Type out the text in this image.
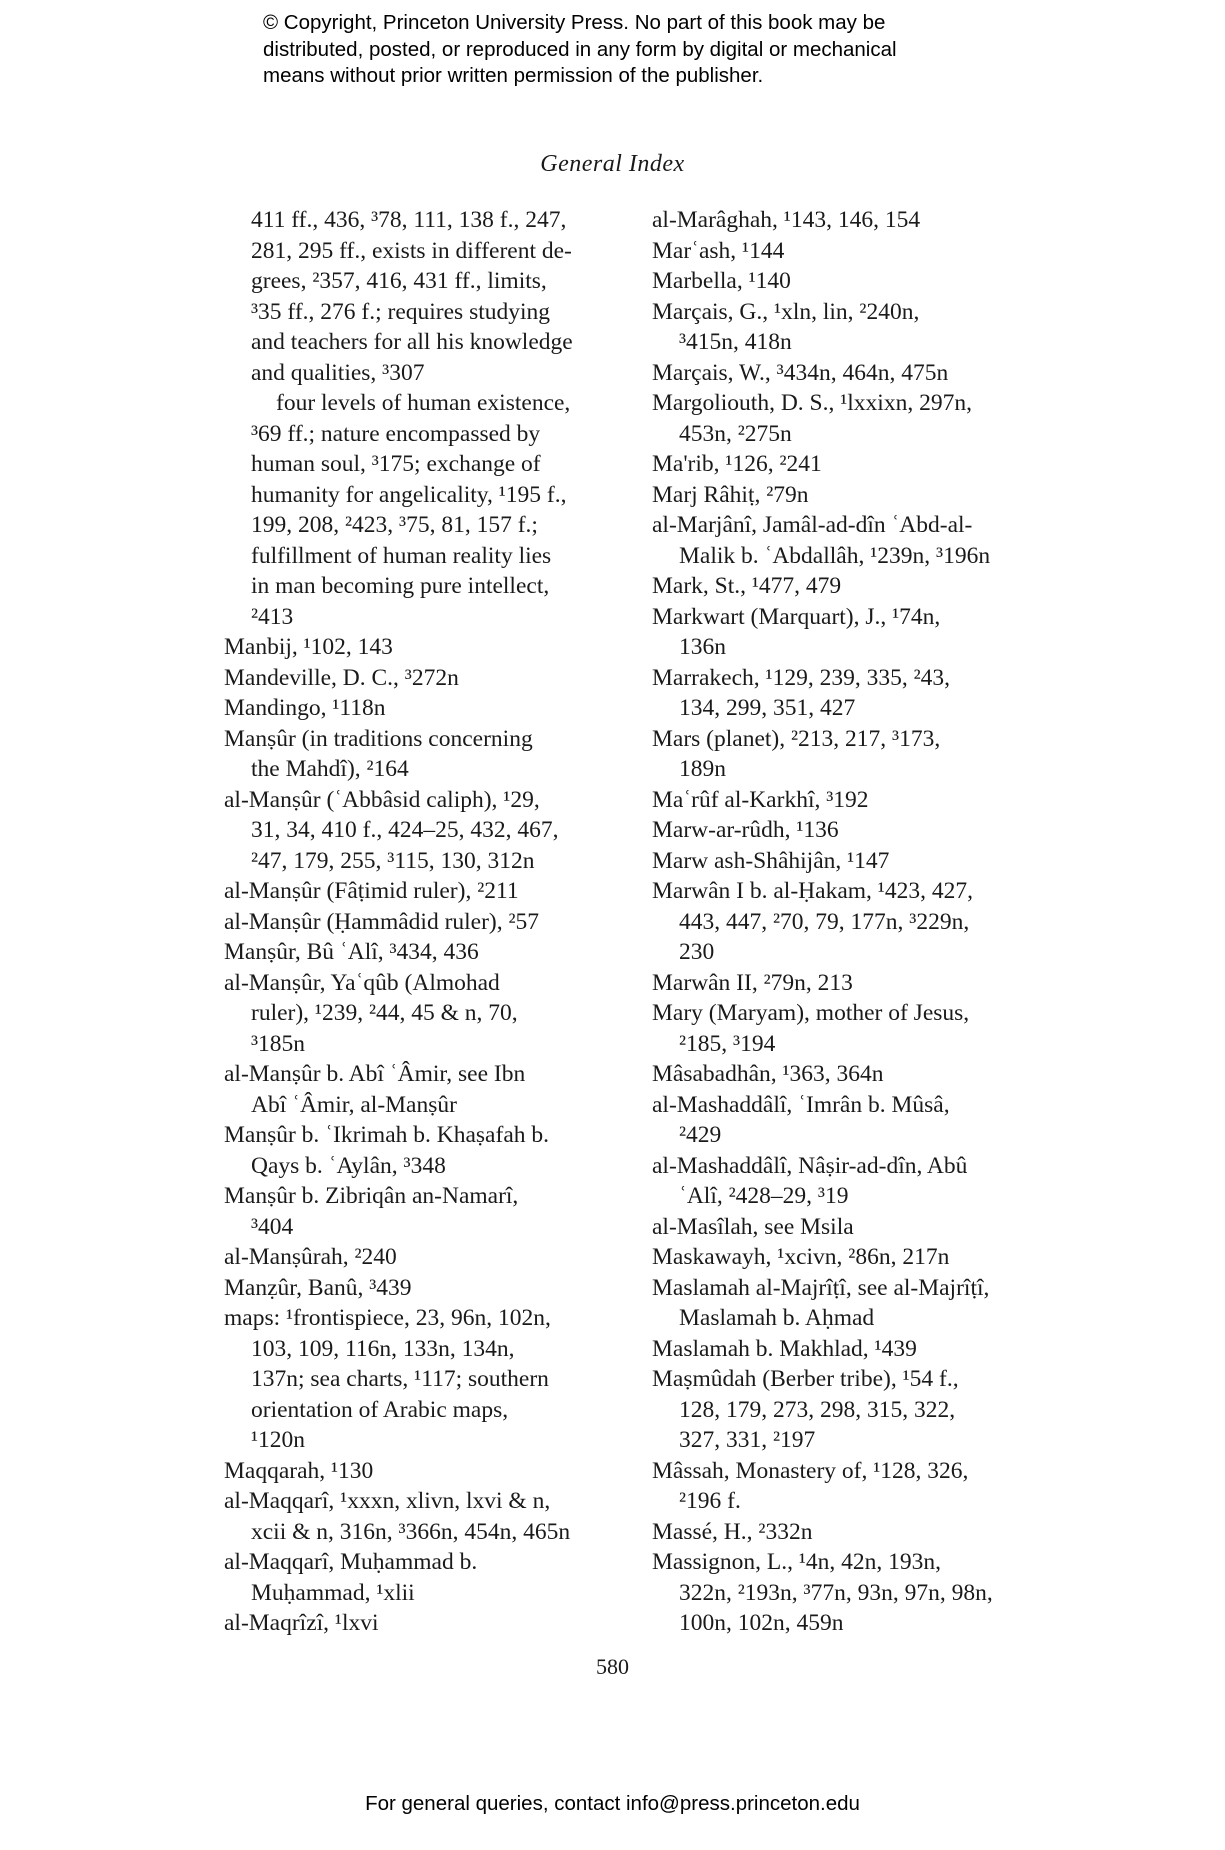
© Copyright, Princeton University Press. No part of this book may be
distributed, posted, or reproduced in any form by digital or mechanical
means without prior written permission of the publisher.
General Index
411 ff., 436, ³78, 111, 138 f., 247,
281, 295 ff., exists in different de-
grees, ²357, 416, 431 ff., limits,
³35 ff., 276 f.; requires studying
and teachers for all his knowledge
and qualities, ³307
four levels of human existence,
³69 ff.; nature encompassed by
human soul, ³175; exchange of
humanity for angelicality, ¹195 f.,
199, 208, ²423, ³75, 81, 157 f.;
fulfillment of human reality lies
in man becoming pure intellect,
²413
Manbij, ¹102, 143
Mandeville, D. C., ³272n
Mandingo, ¹118n
Manṣûr (in traditions concerning
the Mahdî), ²164
al-Manṣûr (ʿAbbâsid caliph), ¹29,
31, 34, 410 f., 424–25, 432, 467,
²47, 179, 255, ³115, 130, 312n
al-Manṣûr (Fâṭimid ruler), ²211
al-Manṣûr (Ḥammâdid ruler), ²57
Manṣûr, Bû ʿAlî, ³434, 436
al-Manṣûr, Yaʿqûb (Almohad
ruler), ¹239, ²44, 45 & n, 70,
³185n
al-Manṣûr b. Abî ʿÂmir, see Ibn
Abî ʿÂmir, al-Manṣûr
Manṣûr b. ʿIkrimah b. Khaṣafah b.
Qays b. ʿAylân, ³348
Manṣûr b. Zibriqân an-Namarî,
³404
al-Manṣûrah, ²240
Manẓûr, Banû, ³439
maps: ¹frontispiece, 23, 96n, 102n,
103, 109, 116n, 133n, 134n,
137n; sea charts, ¹117; southern
orientation of Arabic maps,
¹120n
Maqqarah, ¹130
al-Maqqarî, ¹xxxn, xlivn, lxvi & n,
xcii & n, 316n, ³366n, 454n, 465n
al-Maqqarî, Muḥammad b.
Muḥammad, ¹xlii
al-Maqrîzî, ¹lxvi
al-Marâghah, ¹143, 146, 154
Marʿash, ¹144
Marbella, ¹140
Marçais, G., ¹xln, lin, ²240n,
³415n, 418n
Marçais, W., ³434n, 464n, 475n
Margoliouth, D. S., ¹lxxixn, 297n,
453n, ²275n
Ma'rib, ¹126, ²241
Marj Râhiṭ, ²79n
al-Marjânî, Jamâl-ad-dîn ʿAbd-al-
Malik b. ʿAbdallâh, ¹239n, ³196n
Mark, St., ¹477, 479
Markwart (Marquart), J., ¹74n,
136n
Marrakech, ¹129, 239, 335, ²43,
134, 299, 351, 427
Mars (planet), ²213, 217, ³173,
189n
Maʿrûf al-Karkhî, ³192
Marw-ar-rûdh, ¹136
Marw ash-Shâhijân, ¹147
Marwân I b. al-Ḥakam, ¹423, 427,
443, 447, ²70, 79, 177n, ³229n,
230
Marwân II, ²79n, 213
Mary (Maryam), mother of Jesus,
²185, ³194
Mâsabadhân, ¹363, 364n
al-Mashaddâlî, ʿImrân b. Mûsâ,
²429
al-Mashaddâlî, Nâṣir-ad-dîn, Abû
ʿAlî, ²428–29, ³19
al-Masîlah, see Msila
Maskawayh, ¹xcivn, ²86n, 217n
Maslamah al-Majrîṭî, see al-Majrîṭî,
Maslamah b. Aḥmad
Maslamah b. Makhlad, ¹439
Maṣmûdah (Berber tribe), ¹54 f.,
128, 179, 273, 298, 315, 322,
327, 331, ²197
Mâssah, Monastery of, ¹128, 326,
²196 f.
Massé, H., ²332n
Massignon, L., ¹4n, 42n, 193n,
322n, ²193n, ³77n, 93n, 97n, 98n,
100n, 102n, 459n
580
For general queries, contact info@press.princeton.edu
